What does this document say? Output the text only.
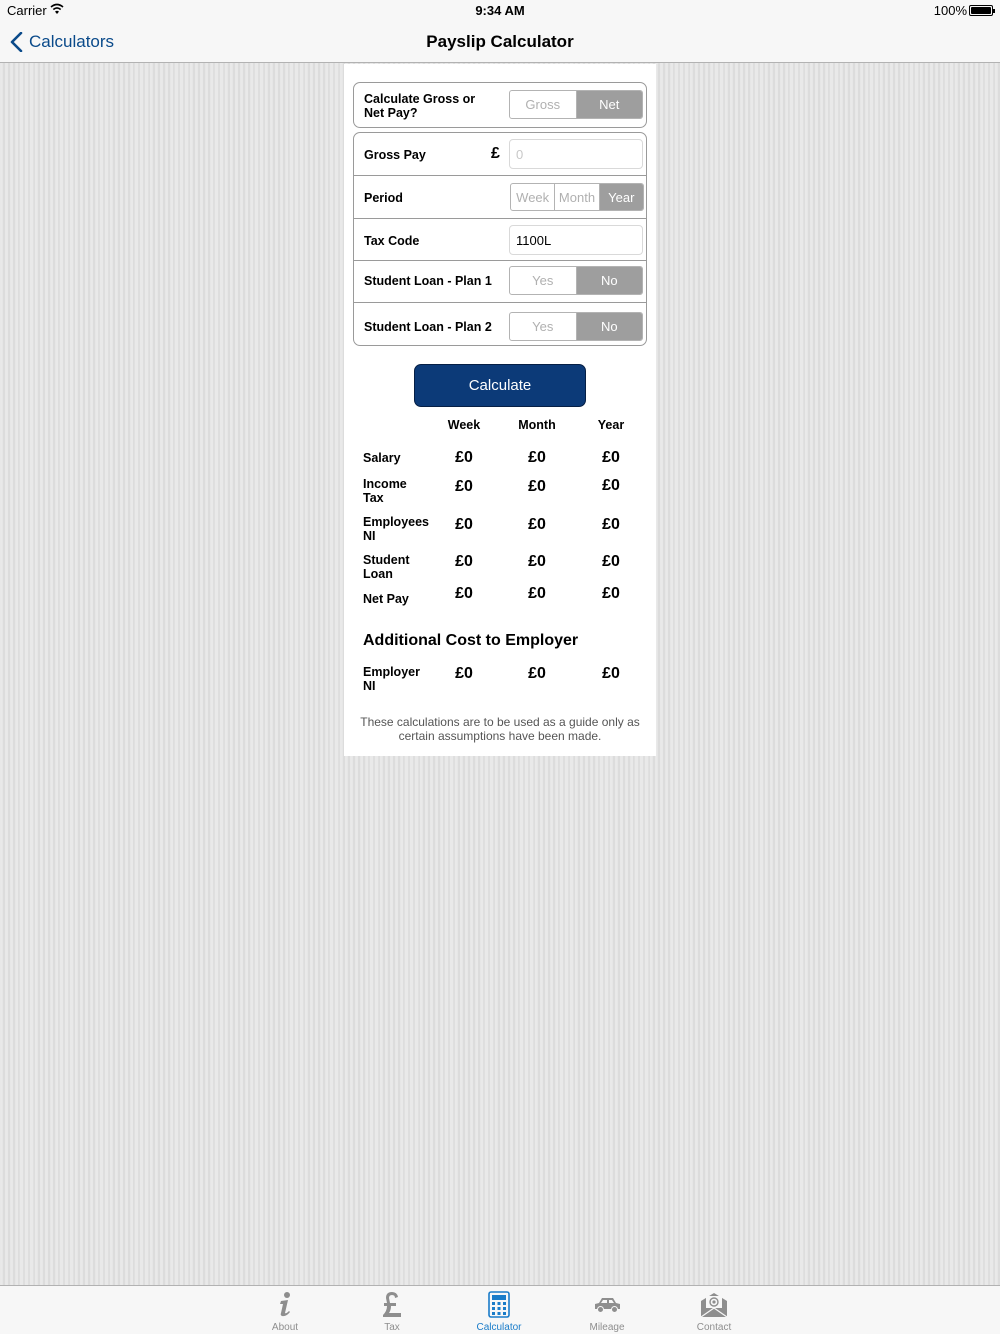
Carrier	9:34 AM	100%
Calculators	Payslip Calculator
Calculate Gross or Net Pay?
Gross	Net
Gross Pay	£
0
Period	Week Month	Year
Tax Code
1100L
Student Loan - Plan 1	Yes	No
Student Loan - Plan 2	Yes	No
Calculate
Week	Month	Year
Salary	£0	£0	£0
Income Tax
£0	£0	£0
Employees NI
£0	£0	£0
Student Loan
£0	£0	£0
Net Pay	£0	£0	£0
Additional Cost to Employer
Employer NI
£0	£0	£0
These calculations are to be used as a guide only as certain assumptions have been made.
About	Tax	Calculator	Mileage	Contact
